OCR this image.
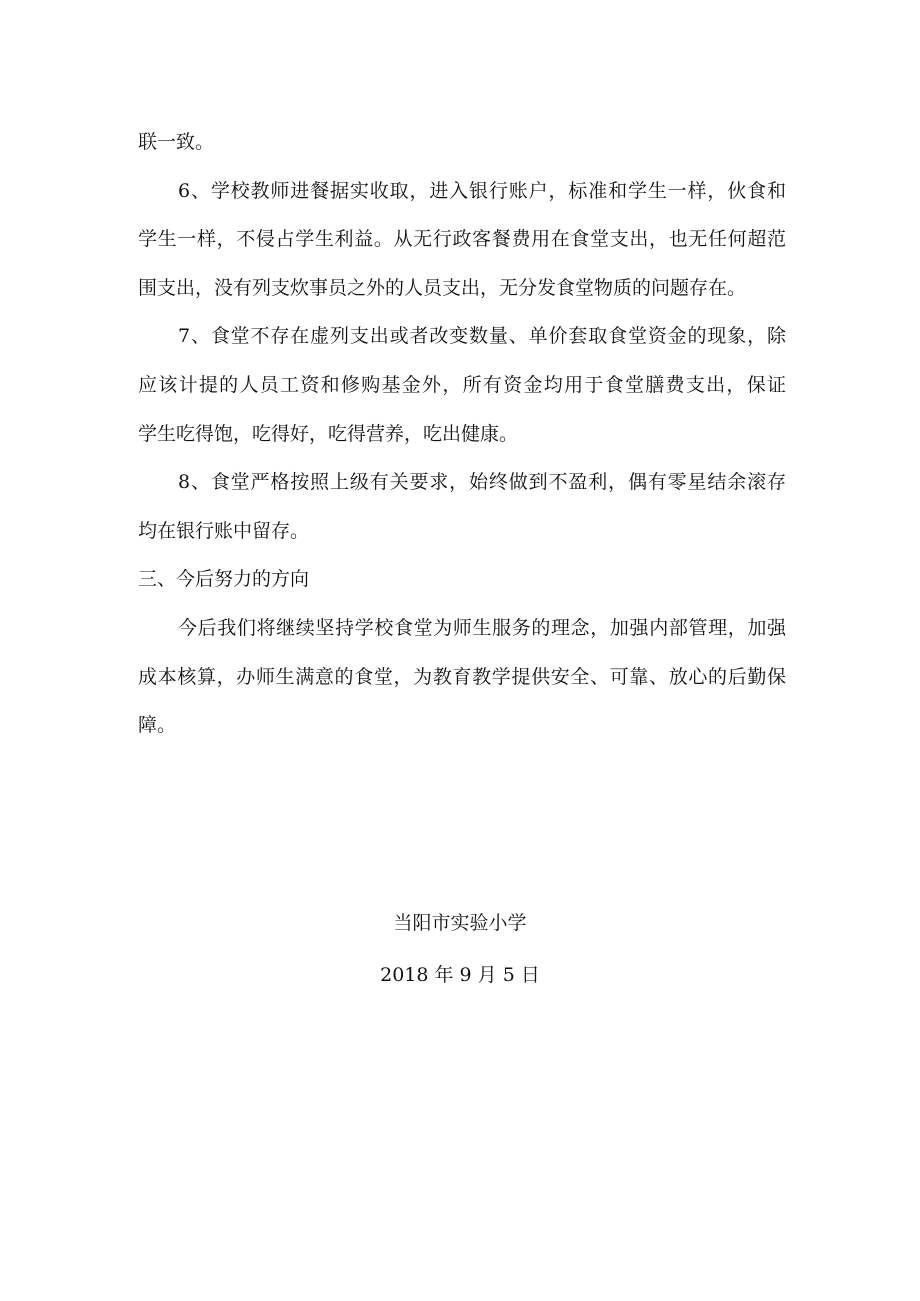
联一致。
6、学校教师进餐据实收取，进入银行账户，标准和学生一样，伙食和
学生一样，不侵占学生利益。从无行政客餐费用在食堂支出，也无任何超范
围支出，没有列支炊事员之外的人员支出，无分发食堂物质的问题存在。
7、食堂不存在虚列支出或者改变数量、单价套取食堂资金的现象，除
应该计提的人员工资和修购基金外，所有资金均用于食堂膳费支出，保证
学生吃得饱，吃得好，吃得营养，吃出健康。
8、食堂严格按照上级有关要求，始终做到不盈利，偶有零星结余滚存
均在银行账中留存。
三、今后努力的方向
今后我们将继续坚持学校食堂为师生服务的理念，加强内部管理，加强
成本核算，办师生满意的食堂，为教育教学提供安全、可靠、放心的后勤保
障。
当阳市实验小学
2018 年 9 月 5 日
